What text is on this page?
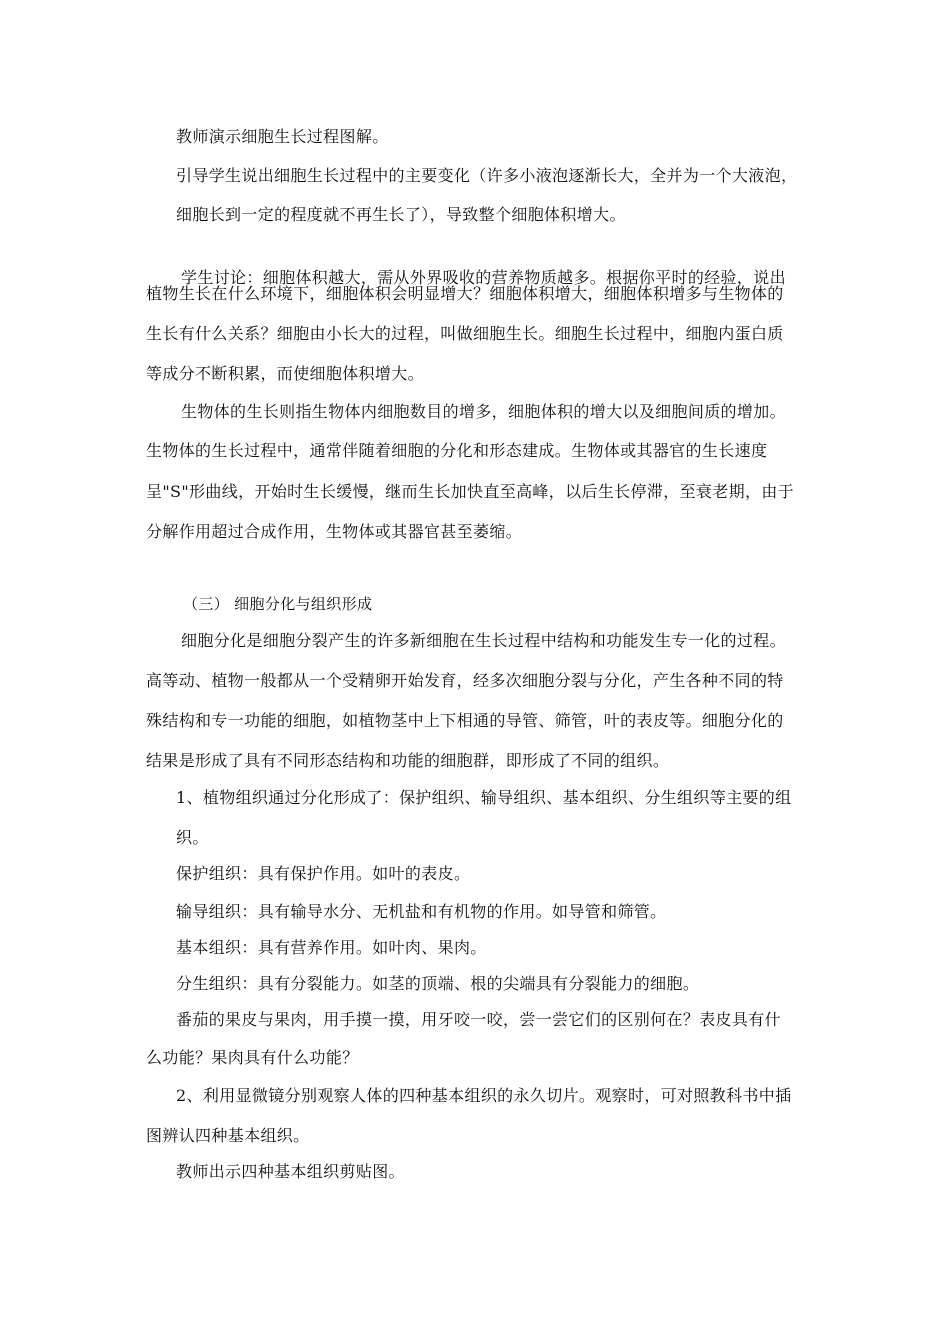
教师演示细胞生长过程图解。
引导学生说出细胞生长过程中的主要变化（许多小液泡逐渐长大，全并为一个大液泡，
细胞长到一定的程度就不再生长了），导致整个细胞体积增大。
学生讨论：细胞体积越大，需从外界吸收的营养物质越多。根据你平时的经验，说出
植物生长在什么环境下，细胞体积会明显增大？细胞体积增大，细胞体积增多与生物体的
生长有什么关系？细胞由小长大的过程，叫做细胞生长。细胞生长过程中，细胞内蛋白质
等成分不断积累，而使细胞体积增大。
生物体的生长则指生物体内细胞数目的增多，细胞体积的增大以及细胞间质的增加。
生物体的生长过程中，通常伴随着细胞的分化和形态建成。生物体或其器官的生长速度
呈"S"形曲线，开始时生长缓慢，继而生长加快直至高峰，以后生长停滞，至衰老期，由于
分解作用超过合成作用，生物体或其器官甚至萎缩。
（三） 细胞分化与组织形成
细胞分化是细胞分裂产生的许多新细胞在生长过程中结构和功能发生专一化的过程。
高等动、植物一般都从一个受精卵开始发育，经多次细胞分裂与分化，产生各种不同的特
殊结构和专一功能的细胞，如植物茎中上下相通的导管、筛管，叶的表皮等。细胞分化的
结果是形成了具有不同形态结构和功能的细胞群，即形成了不同的组织。
1、植物组织通过分化形成了：保护组织、输导组织、基本组织、分生组织等主要的组
织。
保护组织：具有保护作用。如叶的表皮。
输导组织：具有输导水分、无机盐和有机物的作用。如导管和筛管。
基本组织：具有营养作用。如叶肉、果肉。
分生组织：具有分裂能力。如茎的顶端、根的尖端具有分裂能力的细胞。
番茄的果皮与果肉，用手摸一摸，用牙咬一咬，尝一尝它们的区别何在？表皮具有什
么功能？果肉具有什么功能？
2、利用显微镜分别观察人体的四种基本组织的永久切片。观察时，可对照教科书中插
图辨认四种基本组织。
教师出示四种基本组织剪贴图。
